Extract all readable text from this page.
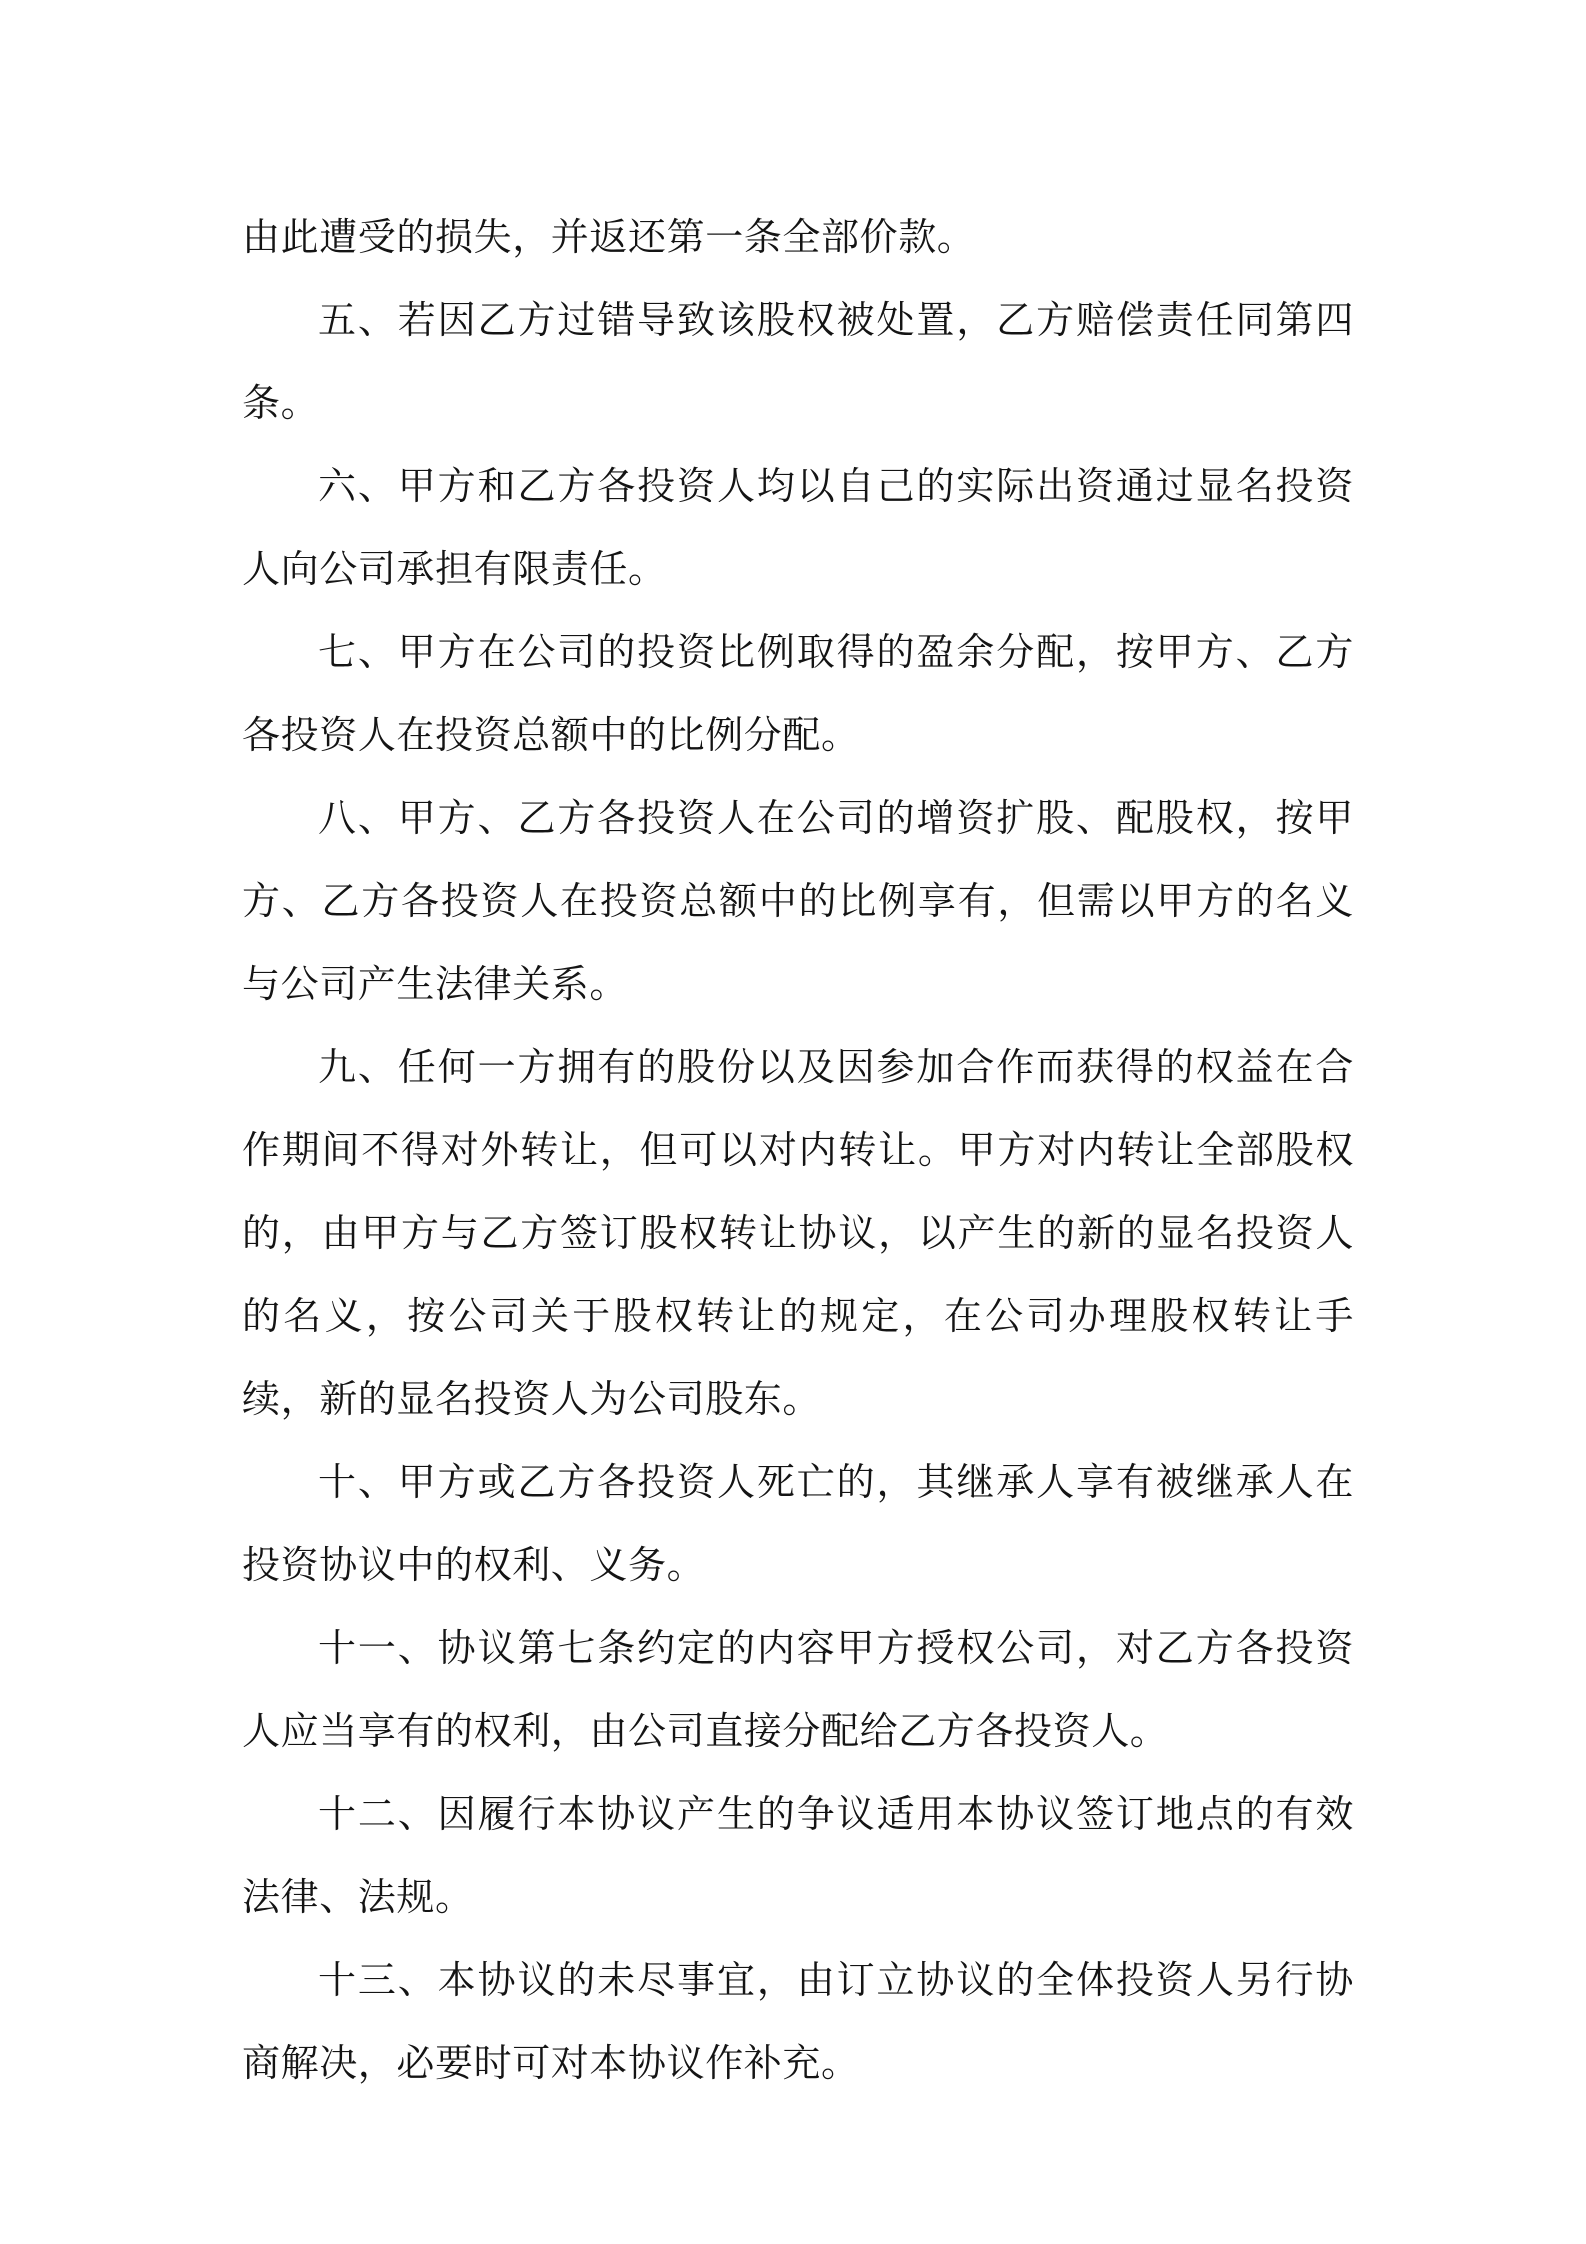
由此遭受的损失，并返还第一条全部价款。

五、若因乙方过错导致该股权被处置，乙方赔偿责任同第四条。

六、甲方和乙方各投资人均以自己的实际出资通过显名投资人向公司承担有限责任。

七、甲方在公司的投资比例取得的盈余分配，按甲方、乙方各投资人在投资总额中的比例分配。

八、甲方、乙方各投资人在公司的增资扩股、配股权，按甲方、乙方各投资人在投资总额中的比例享有，但需以甲方的名义与公司产生法律关系。

九、任何一方拥有的股份以及因参加合作而获得的权益在合作期间不得对外转让，但可以对内转让。甲方对内转让全部股权的，由甲方与乙方签订股权转让协议，以产生的新的显名投资人的名义，按公司关于股权转让的规定，在公司办理股权转让手续，新的显名投资人为公司股东。

十、甲方或乙方各投资人死亡的，其继承人享有被继承人在投资协议中的权利、义务。

十一、协议第七条约定的内容甲方授权公司，对乙方各投资人应当享有的权利，由公司直接分配给乙方各投资人。

十二、因履行本协议产生的争议适用本协议签订地点的有效法律、法规。

十三、本协议的未尽事宜，由订立协议的全体投资人另行协商解决，必要时可对本协议作补充。
